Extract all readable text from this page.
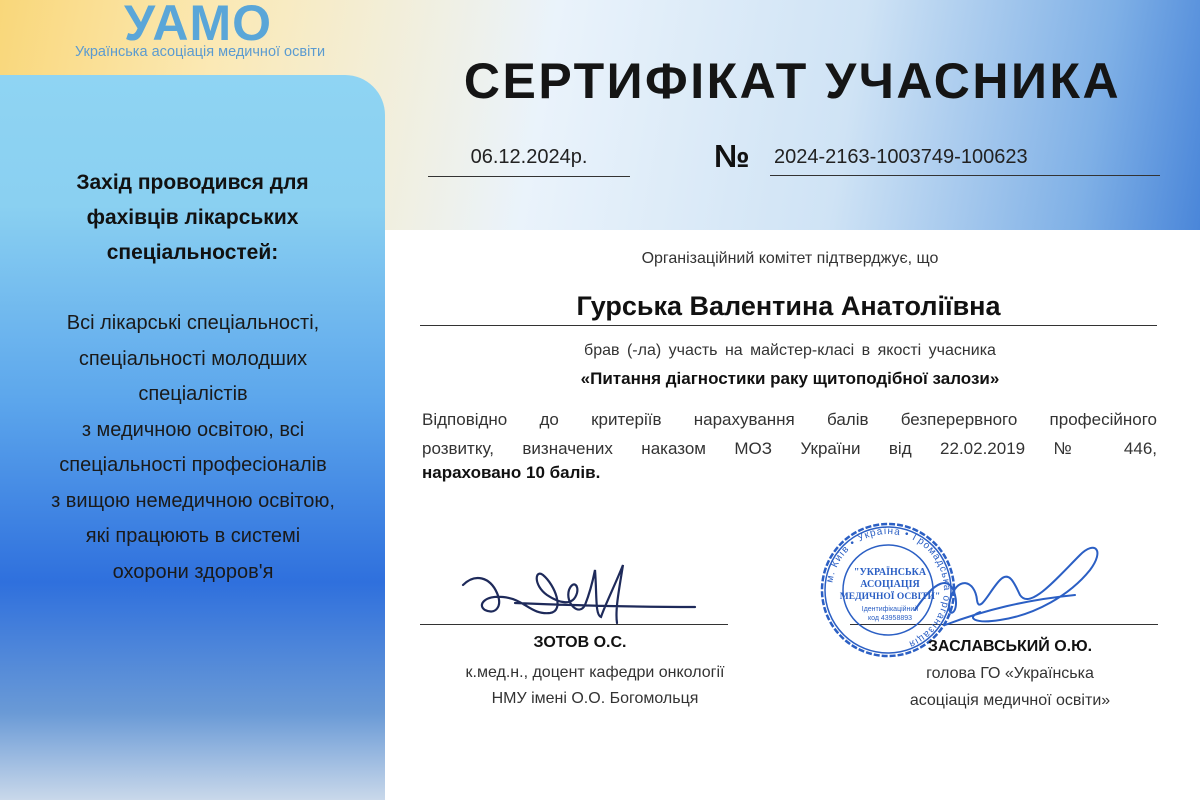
Захід проводився для
фахівців лікарських
спеціальностей:
Всі лікарські спеціальності,
спеціальності молодших
спеціалістів
з медичною освітою, всі
спеціальності професіоналів
з вищою немедичною освітою,
які працюють в системі
охорони здоров'я
УАМО
Українська асоціація медичної освіти
СЕРТИФІКАТ УЧАСНИКА
06.12.2024р.	№ 2024-2163-1003749-100623
Організаційний комітет підтверджує, що
Гурська Валентина Анатоліївна
брав (-ла) участь на майстер-класі в якості учасника
«Питання діагностики раку щитоподібної залози»
Відповідно до критеріїв нарахування балів безперервного професійного
розвитку, визначених наказом МОЗ України від 22.02.2019 № 446,
нараховано 10 балів.
ЗОТОВ О.С.
к.мед.н., доцент кафедри онкології
НМУ імені О.О. Богомольця
м. Київ • Україна • Громадська організація
"УКРАЇНСЬКА
АСОЦІАЦІЯ
МЕДИЧНОЇ ОСВІТИ"
Ідентифікаційний
код 43958893
ЗАСЛАВСЬКИЙ О.Ю.
голова ГО «Українська
асоціація медичної освіти»
